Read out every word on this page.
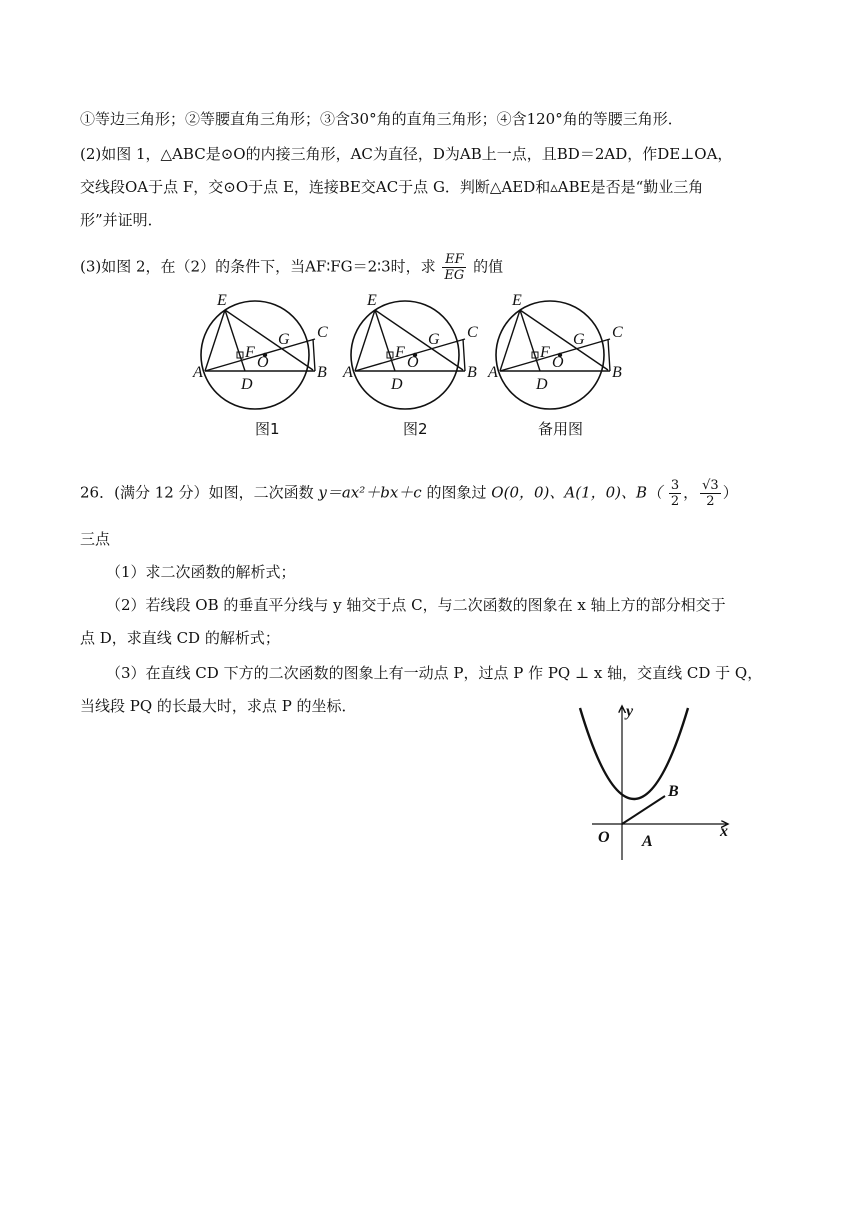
①等边三角形；②等腰直角三角形；③含30°角的直角三角形；④含120°角的等腰三角形．
(2)如图 1，△ABC是⊙O的内接三角形，AC为直径，D为AB上一点，且BD＝2AD，作DE⊥OA，
交线段OA于点 F，交⊙O于点 E，连接BE交AC于点 G．判断△AED和▵ABE是否是“勤业三角
形”并证明．
(3)如图 2，在（2）的条件下，当AF∶FG＝2∶3时，求 $\frac{EF}{EG}$ 的值
E
C
G
F
O
A
D
B
E
C
G
F
O
A
D
B
E
C
G
F
O
A
D
B
图1	图2	备用图
26．(满分 12 分）如图，二次函数 y＝ax²＋bx＋c 的图象过 O(0，0)、A(1，0)、$B( \frac{3}{2}$ ， $\frac{√3}{2}$ ）
三点
（1）求二次函数的解析式；
（2）若线段 OB 的垂直平分线与 y 轴交于点 C，与二次函数的图象在 x 轴上方的部分相交于
点 D，求直线 CD 的解析式；
（3）在直线 CD 下方的二次函数的图象上有一动点 P，过点 P 作 PQ ⊥ x 轴，交直线 CD 于 Q，
当线段 PQ 的长最大时，求点 P 的坐标．
O A
B
y
x
